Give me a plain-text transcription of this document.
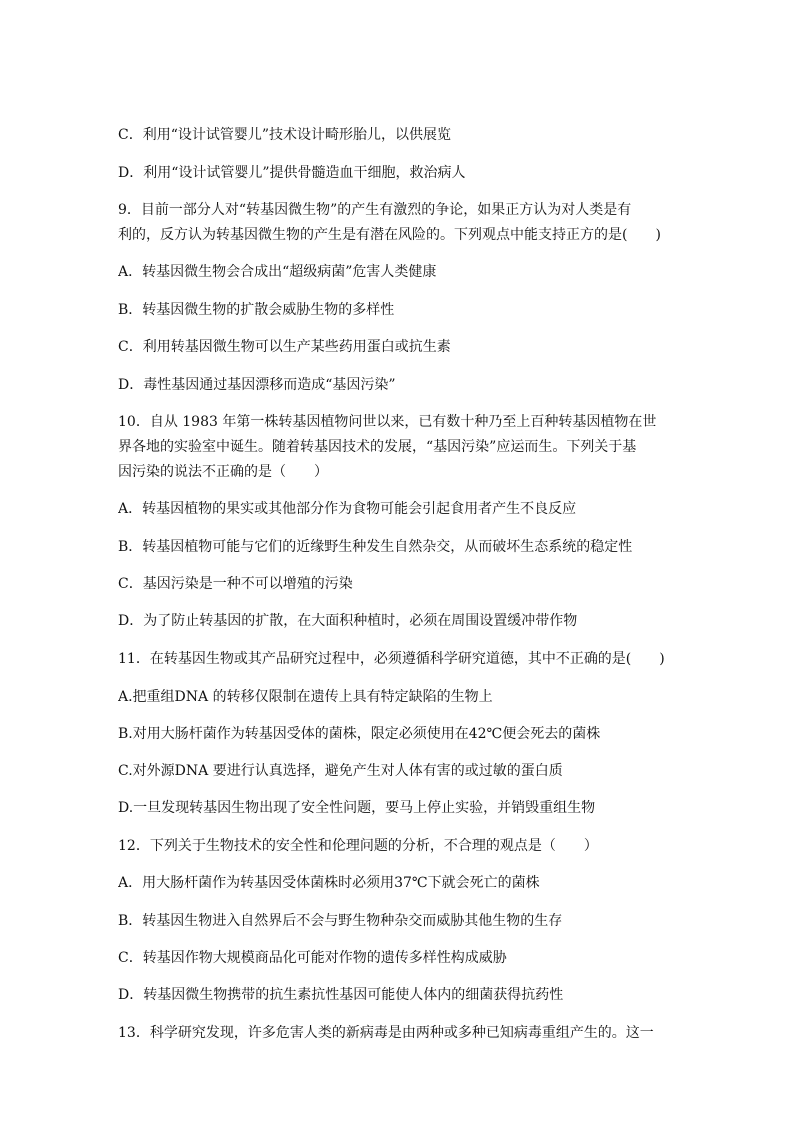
C．利用“设计试管婴儿”技术设计畸形胎儿，以供展览
D．利用“设计试管婴儿”提供骨髓造血干细胞，救治病人
9．目前一部分人对“转基因微生物”的产生有激烈的争论，如果正方认为对人类是有
利的，反方认为转基因微生物的产生是有潜在风险的。下列观点中能支持正方的是(　　)
A．转基因微生物会合成出“超级病菌”危害人类健康
B．转基因微生物的扩散会威胁生物的多样性
C．利用转基因微生物可以生产某些药用蛋白或抗生素
D．毒性基因通过基因漂移而造成“基因污染”
10．自从 1983 年第一株转基因植物问世以来，已有数十种乃至上百种转基因植物在世
界各地的实验室中诞生。随着转基因技术的发展，“基因污染”应运而生。下列关于基
因污染的说法不正确的是（　　）
A．转基因植物的果实或其他部分作为食物可能会引起食用者产生不良反应
B．转基因植物可能与它们的近缘野生种发生自然杂交，从而破坏生态系统的稳定性
C．基因污染是一种不可以增殖的污染
D．为了防止转基因的扩散，在大面积种植时，必须在周围设置缓冲带作物
11．在转基因生物或其产品研究过程中，必须遵循科学研究道德，其中不正确的是(　　)
A.把重组DNA 的转移仅限制在遗传上具有特定缺陷的生物上
B.对用大肠杆菌作为转基因受体的菌株，限定必须使用在42℃便会死去的菌株
C.对外源DNA 要进行认真选择，避免产生对人体有害的或过敏的蛋白质
D.一旦发现转基因生物出现了安全性问题，要马上停止实验，并销毁重组生物
12．下列关于生物技术的安全性和伦理问题的分析，不合理的观点是（　　）
A．用大肠杆菌作为转基因受体菌株时必须用37℃下就会死亡的菌株
B．转基因生物进入自然界后不会与野生物种杂交而威胁其他生物的生存
C．转基因作物大规模商品化可能对作物的遗传多样性构成威胁
D．转基因微生物携带的抗生素抗性基因可能使人体内的细菌获得抗药性
13．科学研究发现，许多危害人类的新病毒是由两种或多种已知病毒重组产生的。这一
